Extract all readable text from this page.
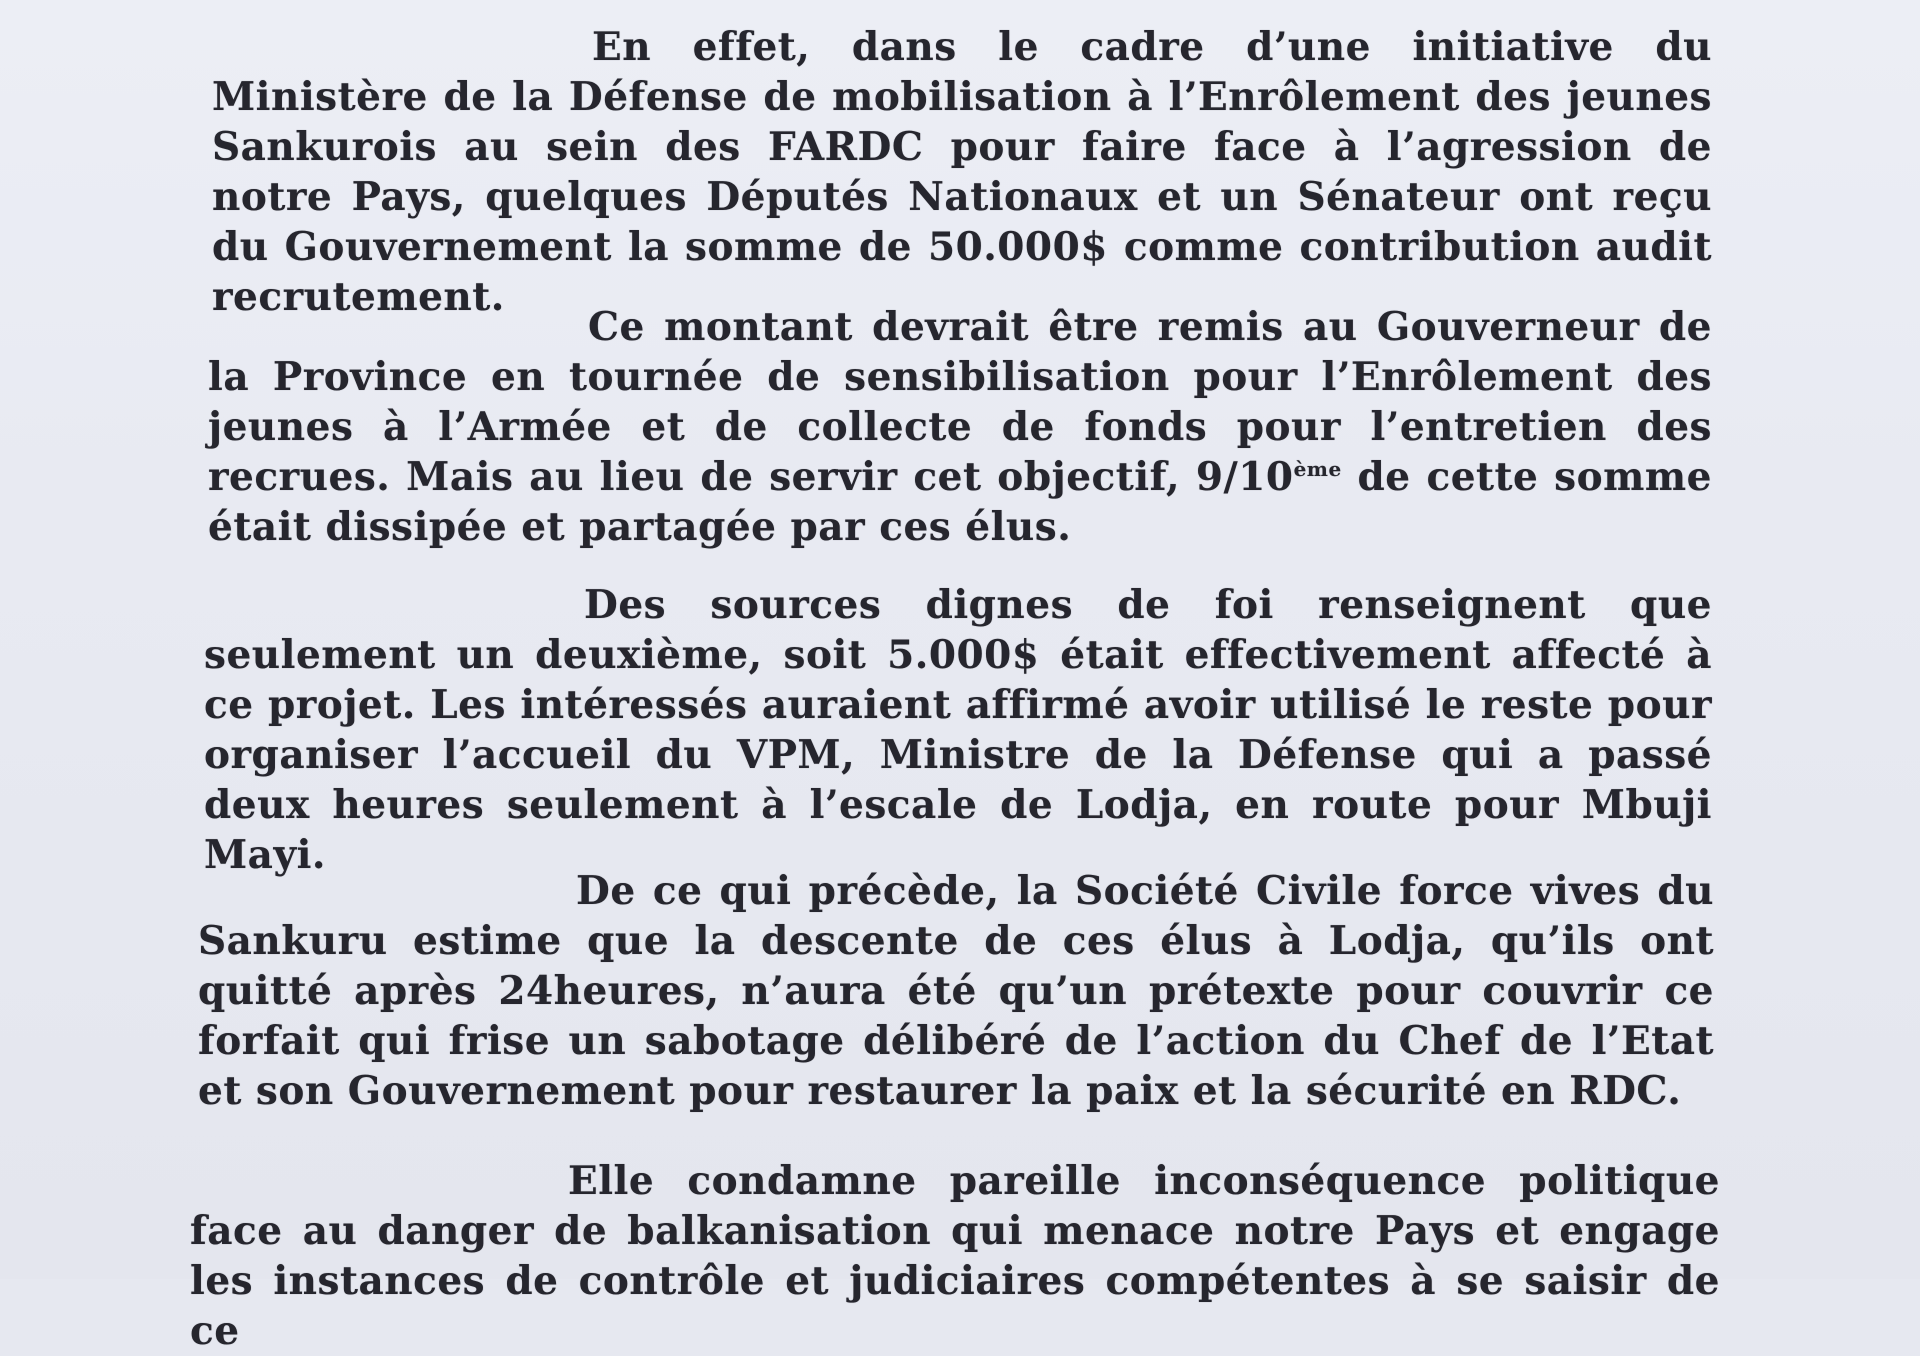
En effet, dans le cadre d’une initiative du Ministère de la Défense de mobilisation à l’Enrôlement des jeunes Sankurois au sein des FARDC pour faire face à l’agression de notre Pays, quelques Députés Nationaux et un Sénateur ont reçu du Gouvernement la somme de 50.000$ comme contribution audit recrutement.

Ce montant devrait être remis au Gouverneur de la Province en tournée de sensibilisation pour l’Enrôlement des jeunes à l’Armée et de collecte de fonds pour l’entretien des recrues. Mais au lieu de servir cet objectif, 9/10ème de cette somme était dissipée et partagée par ces élus.

Des sources dignes de foi renseignent que seulement un deuxième, soit 5.000$ était effectivement affecté à ce projet. Les intéressés auraient affirmé avoir utilisé le reste pour organiser l’accueil du VPM, Ministre de la Défense qui a passé deux heures seulement à l’escale de Lodja, en route pour Mbuji Mayi.

De ce qui précède, la Société Civile force vives du Sankuru estime que la descente de ces élus à Lodja, qu’ils ont quitté après 24heures, n’aura été qu’un prétexte pour couvrir ce forfait qui frise un sabotage délibéré de l’action du Chef de l’Etat et son Gouvernement pour restaurer la paix et la sécurité en RDC.

Elle condamne pareille inconséquence politique face au danger de balkanisation qui menace notre Pays et engage les instances de contrôle et judiciaires compétentes à se saisir de ce
